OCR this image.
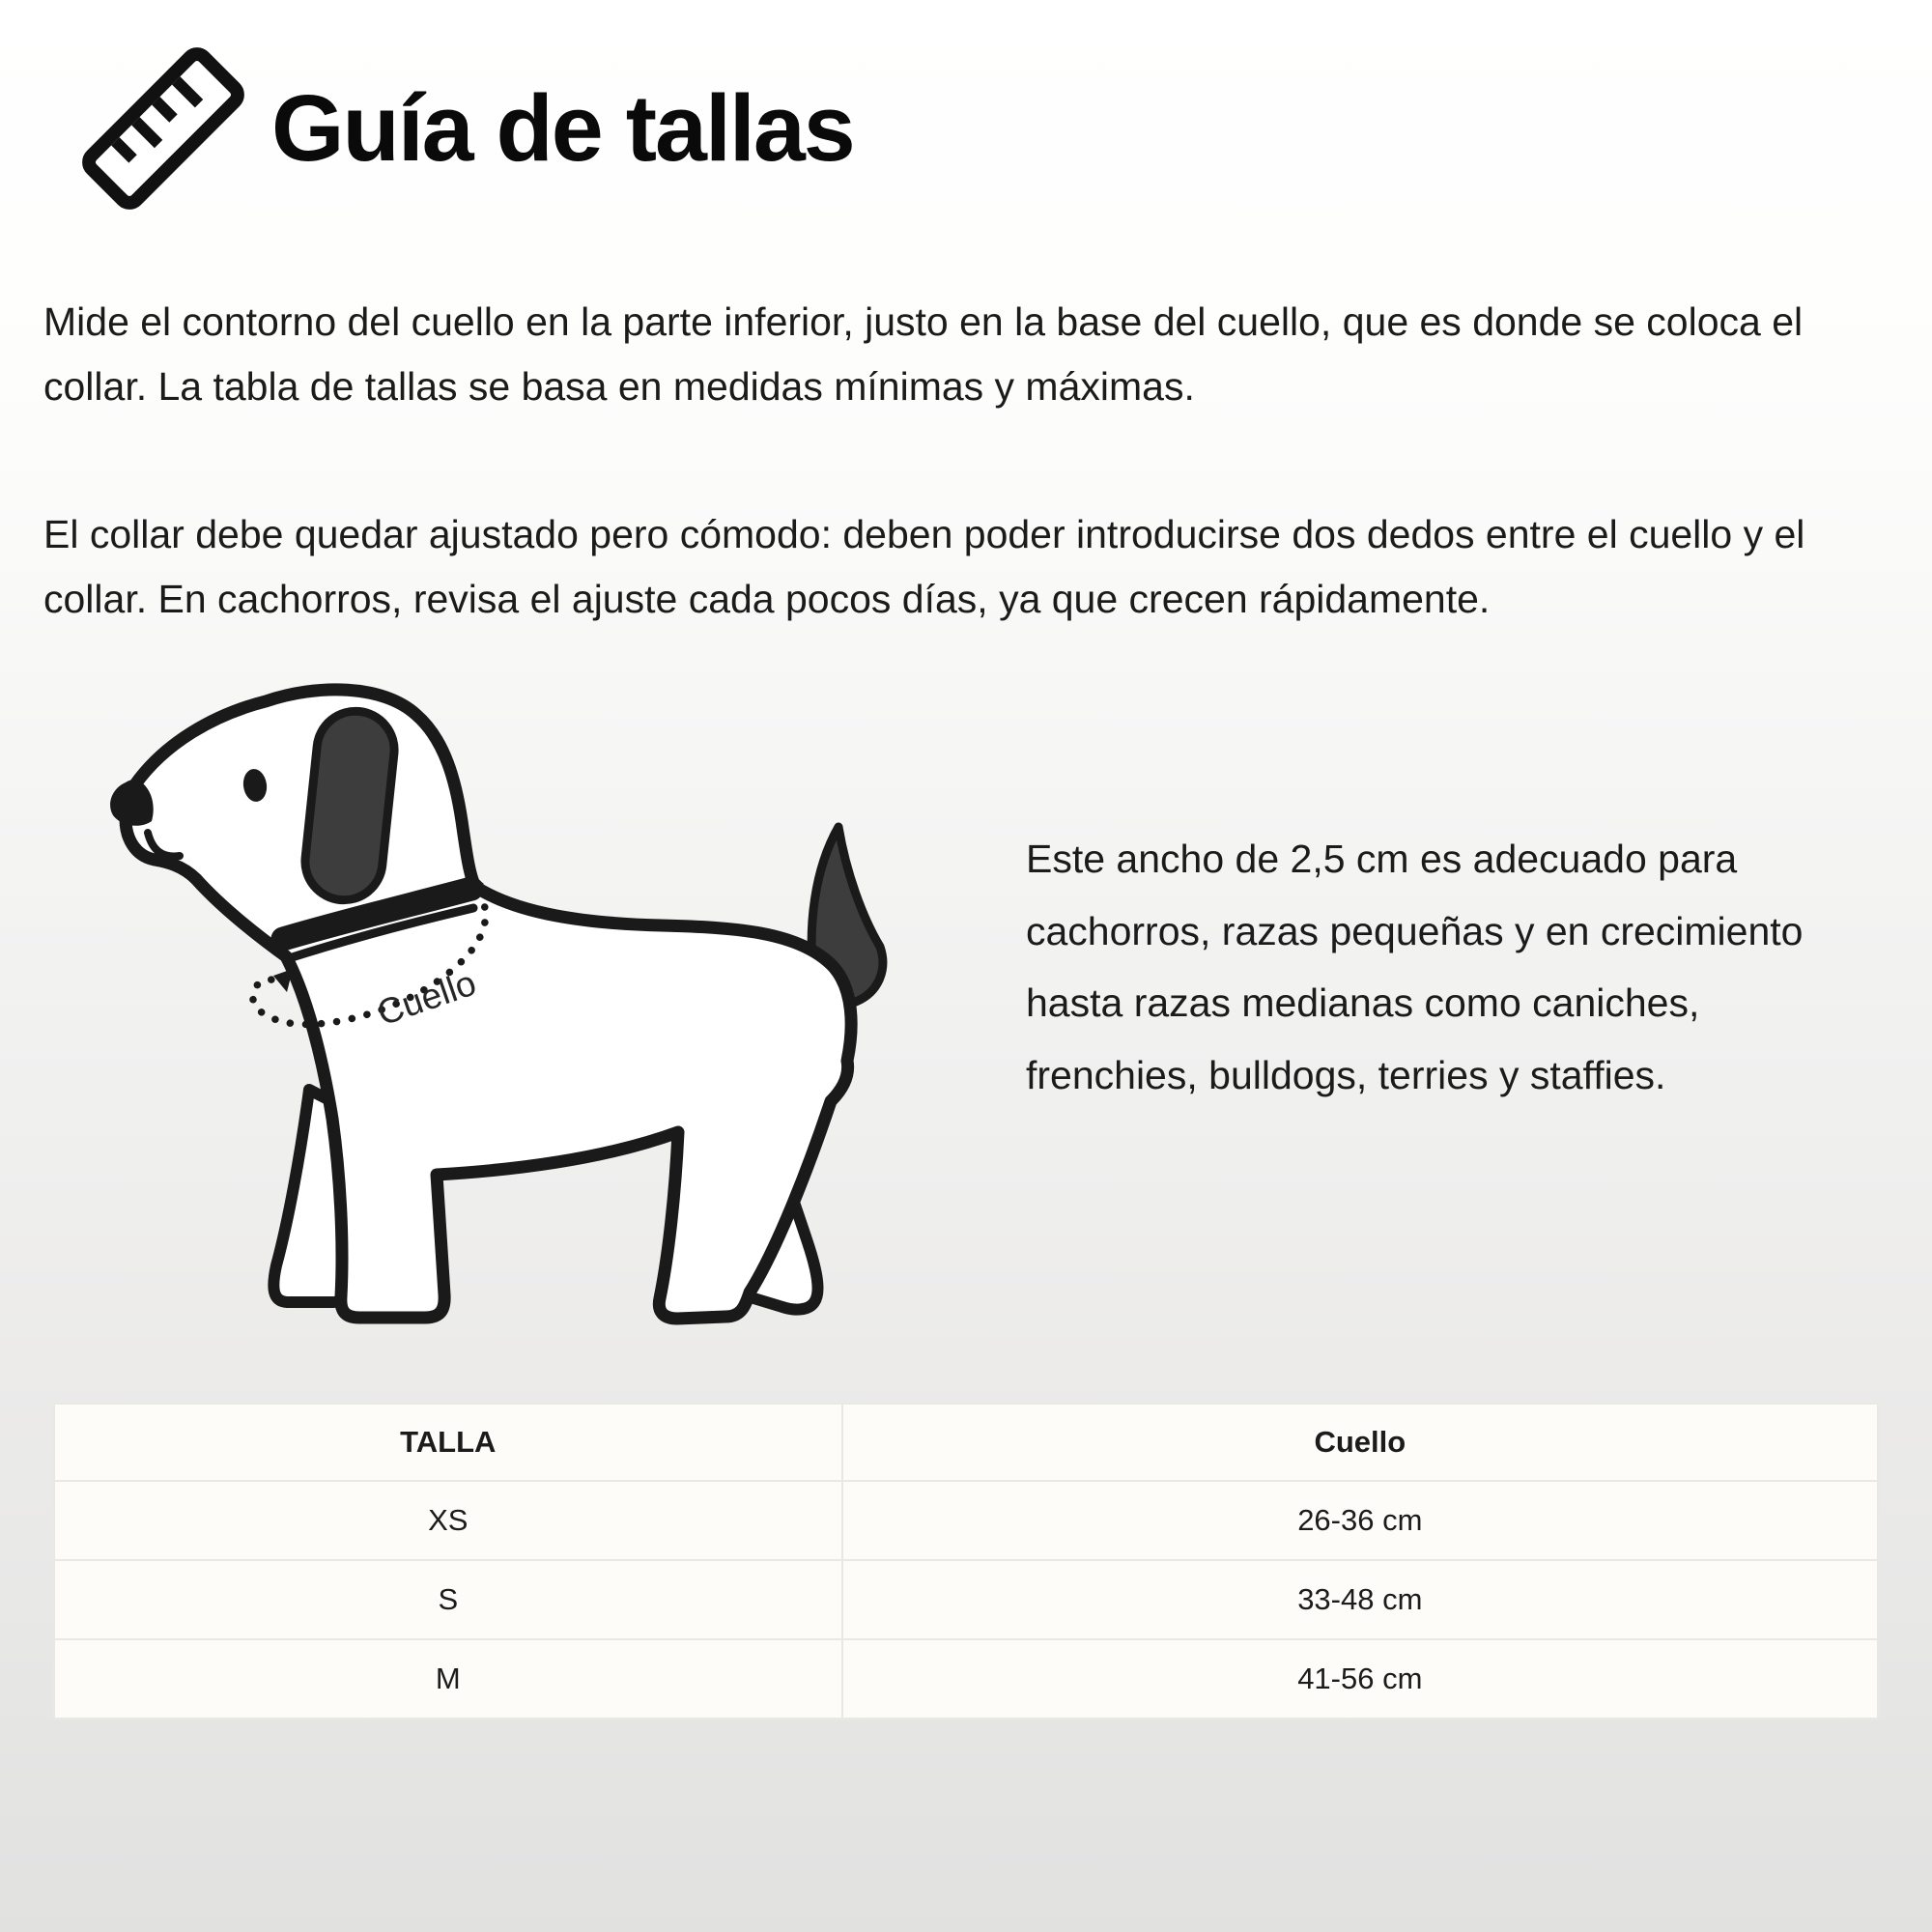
Guía de tallas
Mide el contorno del cuello en la parte inferior, justo en la base del cuello, que es donde se coloca el collar. La tabla de tallas se basa en medidas mínimas y máximas.
El collar debe quedar ajustado pero cómodo: deben poder introducirse dos dedos entre el cuello y el collar. En cachorros, revisa el ajuste cada pocos días, ya que crecen rápidamente.
Cuello
Este ancho de 2,5 cm es adecuado para cachorros, razas pequeñas y en crecimiento hasta razas medianas como caniches, frenchies, bulldogs, terries y staffies.
TALLA	Cuello
XS	26-36 cm
S	33-48 cm
M	41-56 cm
